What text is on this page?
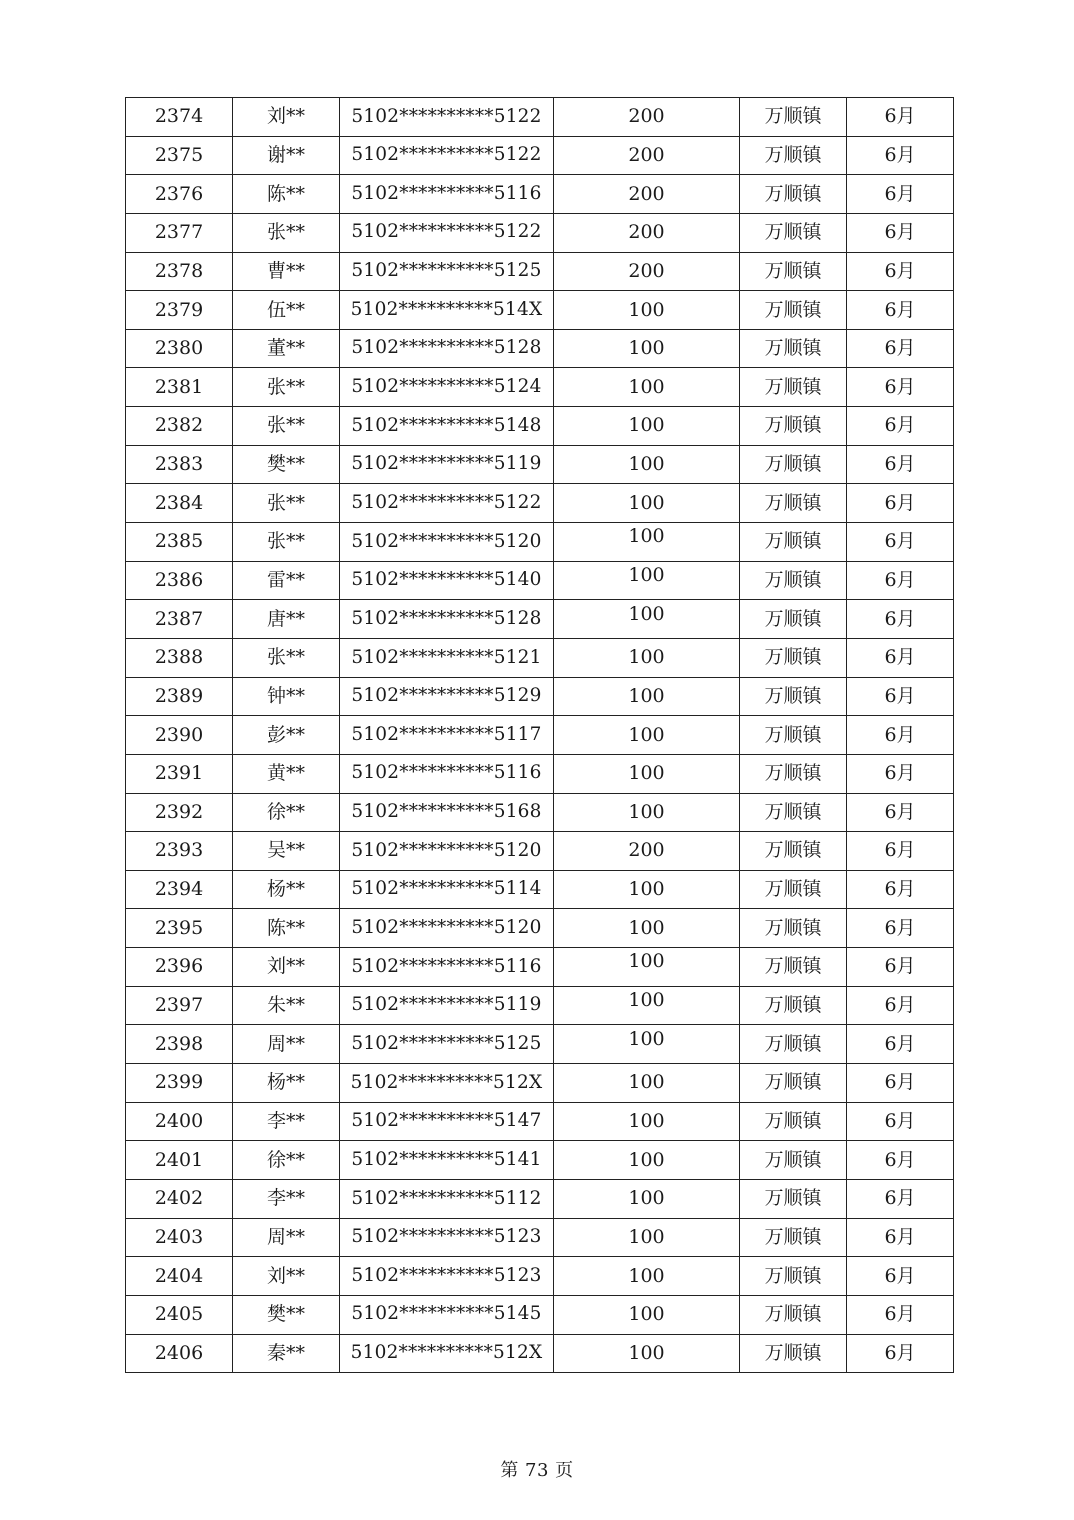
2374	刘**	5102**********5122	200	万顺镇	6月
2375	谢**	5102**********5122	200	万顺镇	6月
2376	陈**	5102**********5116	200	万顺镇	6月
2377	张**	5102**********5122	200	万顺镇	6月
2378	曹**	5102**********5125	200	万顺镇	6月
2379	伍**	5102**********514X	100	万顺镇	6月
2380	董**	5102**********5128	100	万顺镇	6月
2381	张**	5102**********5124	100	万顺镇	6月
2382	张**	5102**********5148	100	万顺镇	6月
2383	樊**	5102**********5119	100	万顺镇	6月
2384	张**	5102**********5122	100	万顺镇	6月
2385	张**	5102**********5120	100	万顺镇	6月
2386	雷**	5102**********5140	100	万顺镇	6月
2387	唐**	5102**********5128	100	万顺镇	6月
2388	张**	5102**********5121	100	万顺镇	6月
2389	钟**	5102**********5129	100	万顺镇	6月
2390	彭**	5102**********5117	100	万顺镇	6月
2391	黄**	5102**********5116	100	万顺镇	6月
2392	徐**	5102**********5168	100	万顺镇	6月
2393	吴**	5102**********5120	200	万顺镇	6月
2394	杨**	5102**********5114	100	万顺镇	6月
2395	陈**	5102**********5120	100	万顺镇	6月
2396	刘**	5102**********5116	100	万顺镇	6月
2397	朱**	5102**********5119	100	万顺镇	6月
2398	周**	5102**********5125	100	万顺镇	6月
2399	杨**	5102**********512X	100	万顺镇	6月
2400	李**	5102**********5147	100	万顺镇	6月
2401	徐**	5102**********5141	100	万顺镇	6月
2402	李**	5102**********5112	100	万顺镇	6月
2403	周**	5102**********5123	100	万顺镇	6月
2404	刘**	5102**********5123	100	万顺镇	6月
2405	樊**	5102**********5145	100	万顺镇	6月
2406	秦**	5102**********512X	100	万顺镇	6月
第 73 页
